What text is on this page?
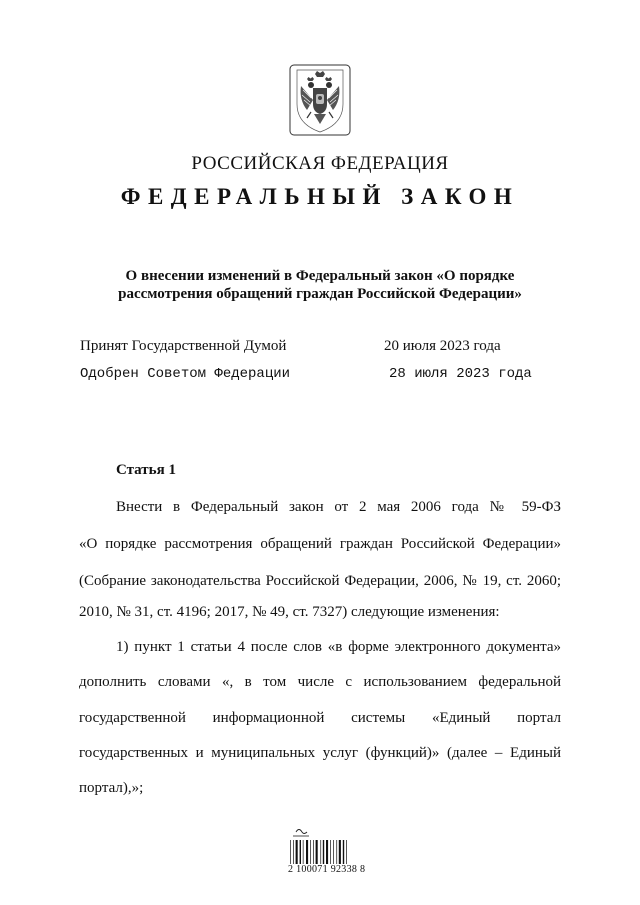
РОССИЙСКАЯ ФЕДЕРАЦИЯ
ФЕДЕРАЛЬНЫЙ ЗАКОН
О внесении изменений в Федеральный закон «О порядке
рассмотрения обращений граждан Российской Федерации»
Принят Государственной Думой	20 июля 2023 года
Одобрен Советом Федерации	28 июля 2023 года
Статья 1
Внести в Федеральный закон от 2 мая 2006 года № 59-ФЗ
«О порядке рассмотрения обращений граждан Российской Федерации»
(Собрание законодательства Российской Федерации, 2006, № 19, ст. 2060;
2010, № 31, ст. 4196; 2017, № 49, ст. 7327) следующие изменения:
1) пункт 1 статьи 4 после слов «в форме электронного документа»
дополнить словами «, в том числе с использованием федеральной
государственной информационной системы «Единый портал
государственных и муниципальных услуг (функций)» (далее – Единый
портал),»;
2 100071 92338 8
